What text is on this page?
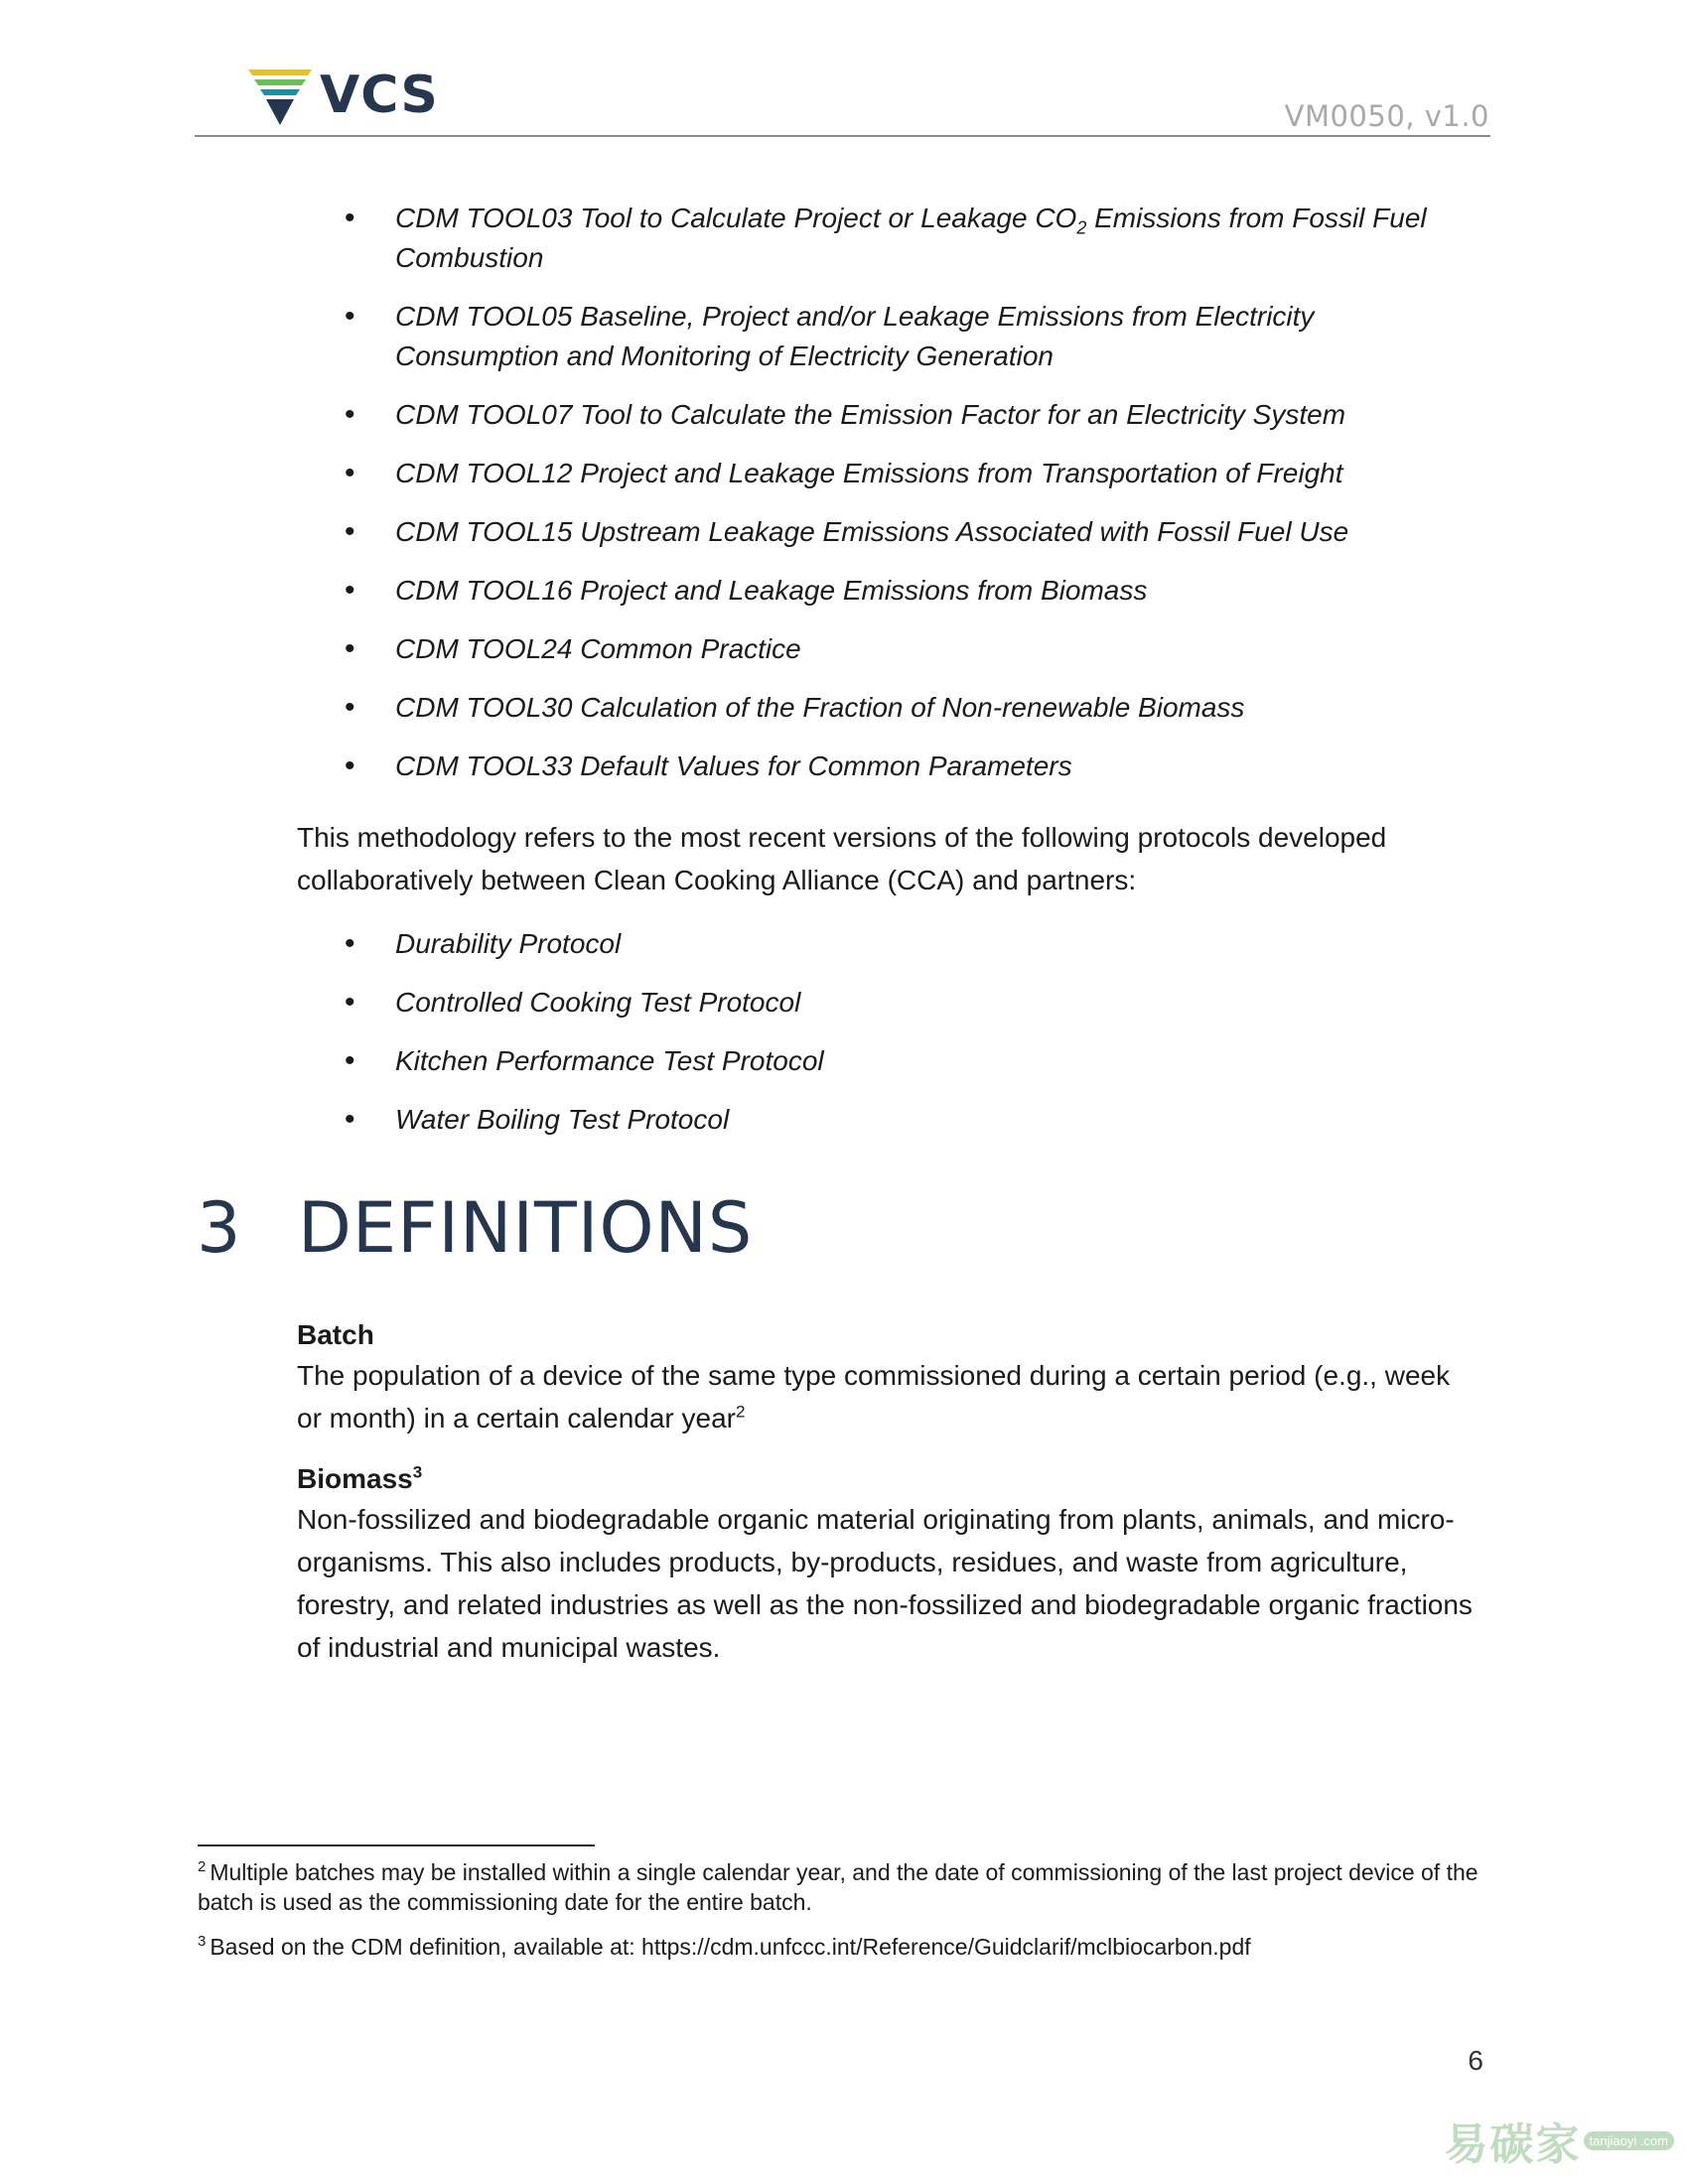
VCS	VM0050, v1.0
• CDM TOOL03 Tool to Calculate Project or Leakage $CO_2$ Emissions from Fossil Fuel Combustion
• CDM TOOL05 Baseline, Project and/or Leakage Emissions from Electricity Consumption and Monitoring of Electricity Generation
• CDM TOOL07 Tool to Calculate the Emission Factor for an Electricity System
• CDM TOOL12 Project and Leakage Emissions from Transportation of Freight
• CDM TOOL15 Upstream Leakage Emissions Associated with Fossil Fuel Use
• CDM TOOL16 Project and Leakage Emissions from Biomass
• CDM TOOL24 Common Practice
• CDM TOOL30 Calculation of the Fraction of Non-renewable Biomass
• CDM TOOL33 Default Values for Common Parameters
This methodology refers to the most recent versions of the following protocols developed collaboratively between Clean Cooking Alliance (CCA) and partners:
• Durability Protocol
• Controlled Cooking Test Protocol
• Kitchen Performance Test Protocol
• Water Boiling Test Protocol
3 DEFINITIONS
Batch
The population of a device of the same type commissioned during a certain period (e.g., week or month) in a certain calendar year$^2$
Biomass$^3$
Non-fossilized and biodegradable organic material originating from plants, animals, and micro-organisms. This also includes products, by-products, residues, and waste from agriculture, forestry, and related industries as well as the non-fossilized and biodegradable organic fractions of industrial and municipal wastes.
$^2$ Multiple batches may be installed within a single calendar year, and the date of commissioning of the last project device of the batch is used as the commissioning date for the entire batch.
$^3$ Based on the CDM definition, available at: https://cdm.unfccc.int/Reference/Guidclarif/mclbiocarbon.pdf
6
易碳家 tanjiaoyi .com
